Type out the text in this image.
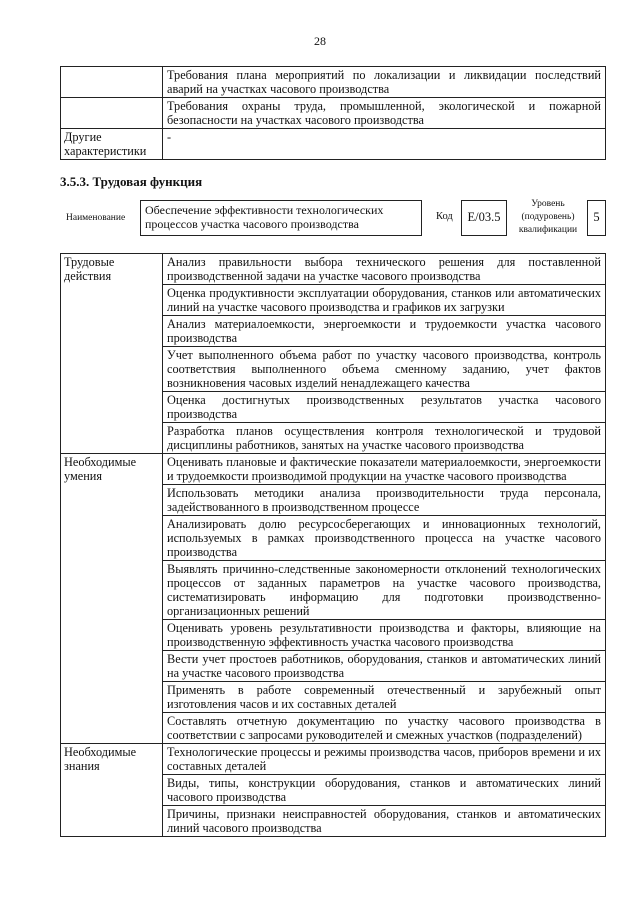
28
	Требования плана мероприятий по локализации и ликвидации последствий аварий на участках часового производства
	Требования охраны труда, промышленной, экологической и пожарной безопасности на участках часового производства
Другие характеристики	-
3.5.3. Трудовая функция
Наименование
Обеспечение эффективности технологических процессов участка часового производства
Код	E/03.5
Уровень (подуровень) квалификации
5
Трудовые действия	Анализ правильности выбора технического решения для поставленной производственной задачи на участке часового производства
	Оценка продуктивности эксплуатации оборудования, станков или автоматических линий на участке часового производства и графиков их загрузки
	Анализ материалоемкости, энергоемкости и трудоемкости участка часового производства
	Учет выполненного объема работ по участку часового производства, контроль соответствия выполненного объема сменному заданию, учет фактов возникновения часовых изделий ненадлежащего качества
	Оценка достигнутых производственных результатов участка часового производства
	Разработка планов осуществления контроля технологической и трудовой дисциплины работников, занятых на участке часового производства
Необходимые умения	Оценивать плановые и фактические показатели материалоемкости, энергоемкости и трудоемкости производимой продукции на участке часового производства
	Использовать методики анализа производительности труда персонала, задействованного в производственном процессе
	Анализировать долю ресурсосберегающих и инновационных технологий, используемых в рамках производственного процесса на участке часового производства
	Выявлять причинно-следственные закономерности отклонений технологических процессов от заданных параметров на участке часового производства, систематизировать информацию для подготовки производственно-организационных решений
	Оценивать уровень результативности производства и факторы, влияющие на производственную эффективность участка часового производства
	Вести учет простоев работников, оборудования, станков и автоматических линий на участке часового производства
	Применять в работе современный отечественный и зарубежный опыт изготовления часов и их составных деталей
	Составлять отчетную документацию по участку часового производства в соответствии с запросами руководителей и смежных участков (подразделений)
Необходимые знания	Технологические процессы и режимы производства часов, приборов времени и их составных деталей
	Виды, типы, конструкции оборудования, станков и автоматических линий часового производства
	Причины, признаки неисправностей оборудования, станков и автоматических линий часового производства
